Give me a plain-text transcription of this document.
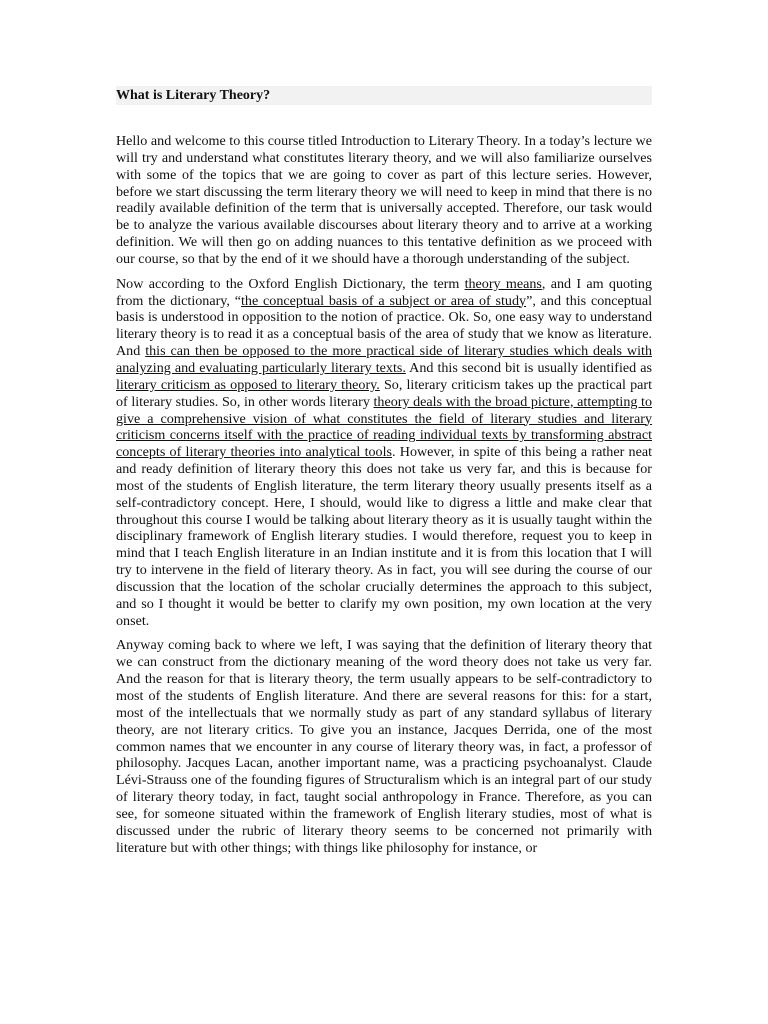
What is Literary Theory?

Hello and welcome to this course titled Introduction to Literary Theory. In a today’s lecture we will try and understand what constitutes literary theory, and we will also familiarize ourselves with some of the topics that we are going to cover as part of this lecture series. However, before we start discussing the term literary theory we will need to keep in mind that there is no readily available definition of the term that is universally accepted. Therefore, our task would be to analyze the various available discourses about literary theory and to arrive at a working definition. We will then go on adding nuances to this tentative definition as we proceed with our course, so that by the end of it we should have a thorough understanding of the subject.

Now according to the Oxford English Dictionary, the term theory means, and I am quoting from the dictionary, “the conceptual basis of a subject or area of study”, and this conceptual basis is understood in opposition to the notion of practice. Ok. So, one easy way to understand literary theory is to read it as a conceptual basis of the area of study that we know as literature. And this can then be opposed to the more practical side of literary studies which deals with analyzing and evaluating particularly literary texts. And this second bit is usually identified as literary criticism as opposed to literary theory. So, literary criticism takes up the practical part of literary studies. So, in other words literary theory deals with the broad picture, attempting to give a comprehensive vision of what constitutes the field of literary studies and literary criticism concerns itself with the practice of reading individual texts by transforming abstract concepts of literary theories into analytical tools. However, in spite of this being a rather neat and ready definition of literary theory this does not take us very far, and this is because for most of the students of English literature, the term literary theory usually presents itself as a self-contradictory concept. Here, I should, would like to digress a little and make clear that throughout this course I would be talking about literary theory as it is usually taught within the disciplinary framework of English literary studies. I would therefore, request you to keep in mind that I teach English literature in an Indian institute and it is from this location that I will try to intervene in the field of literary theory. As in fact, you will see during the course of our discussion that the location of the scholar crucially determines the approach to this subject, and so I thought it would be better to clarify my own position, my own location at the very onset.

Anyway coming back to where we left, I was saying that the definition of literary theory that we can construct from the dictionary meaning of the word theory does not take us very far. And the reason for that is literary theory, the term usually appears to be self-contradictory to most of the students of English literature. And there are several reasons for this: for a start, most of the intellectuals that we normally study as part of any standard syllabus of literary theory, are not literary critics. To give you an instance, Jacques Derrida, one of the most common names that we encounter in any course of literary theory was, in fact, a professor of philosophy. Jacques Lacan, another important name, was a practicing psychoanalyst. Claude Lévi-Strauss one of the founding figures of Structuralism which is an integral part of our study of literary theory today, in fact, taught social anthropology in France. Therefore, as you can see, for someone situated within the framework of English literary studies, most of what is discussed under the rubric of literary theory seems to be concerned not primarily with literature but with other things; with things like philosophy for instance, or
